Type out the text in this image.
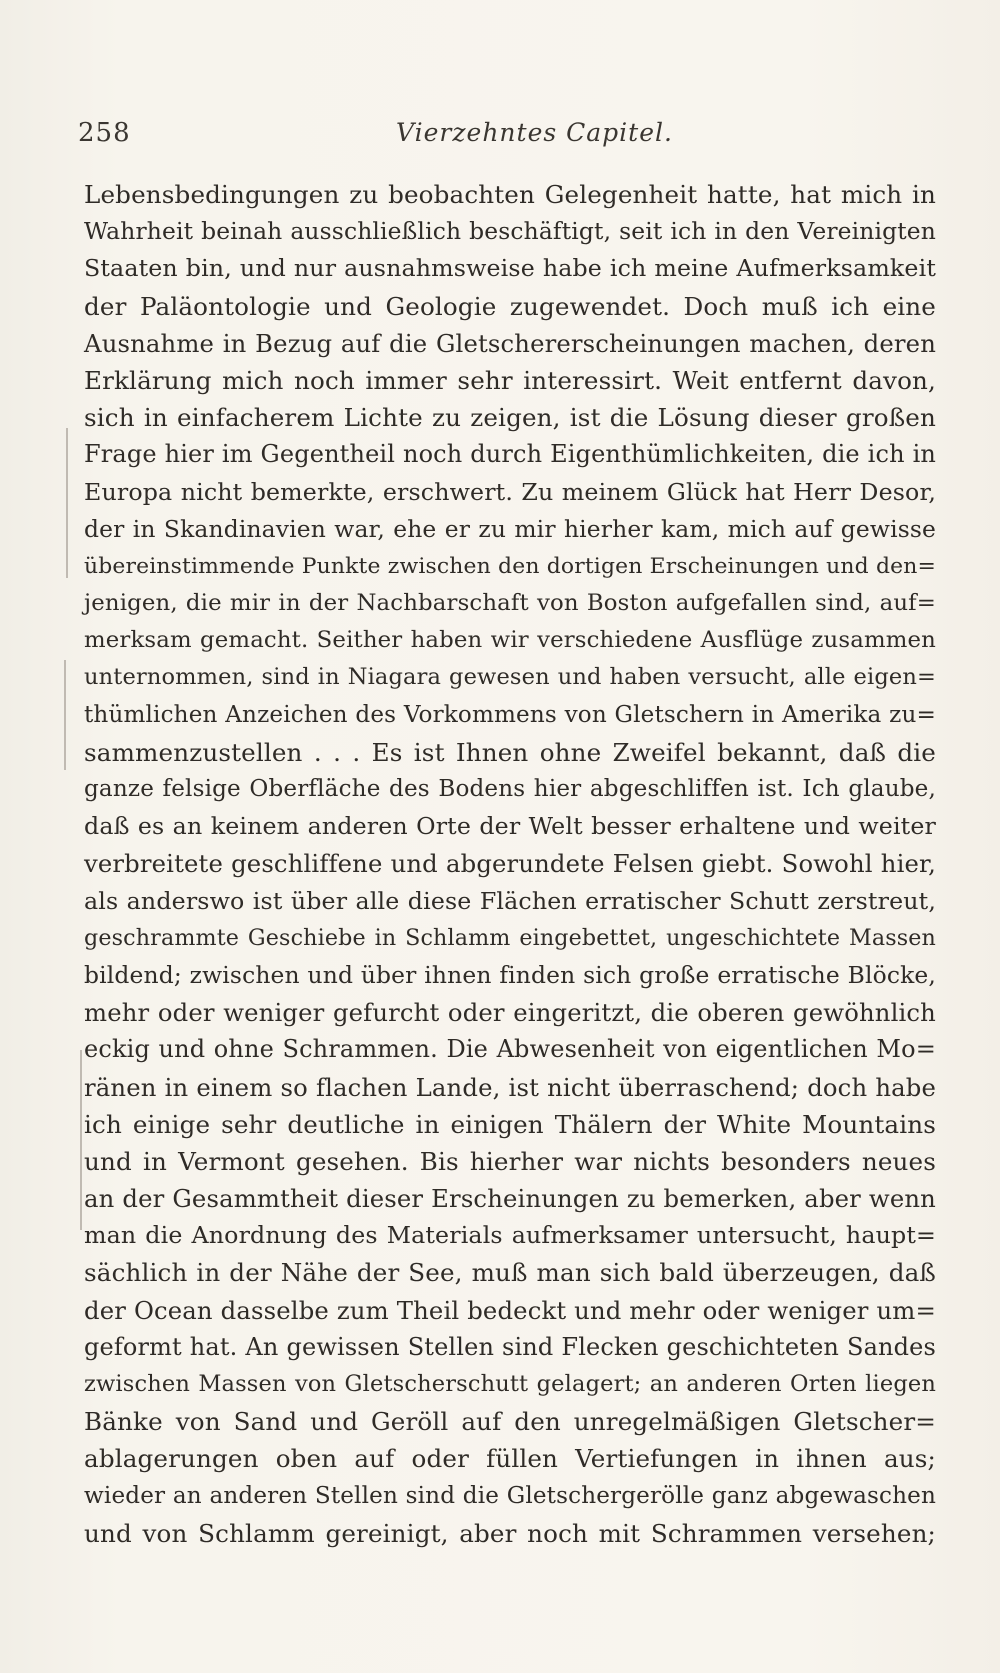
258	Vierzehntes Capitel.
Lebensbedingungen zu beobachten Gelegenheit hatte, hat mich in
Wahrheit beinah ausschließlich beschäftigt, seit ich in den Vereinigten
Staaten bin, und nur ausnahmsweise habe ich meine Aufmerksamkeit
der Paläontologie und Geologie zugewendet. Doch muß ich eine
Ausnahme in Bezug auf die Gletschererscheinungen machen, deren
Erklärung mich noch immer sehr interessirt. Weit entfernt davon,
sich in einfacherem Lichte zu zeigen, ist die Lösung dieser großen
Frage hier im Gegentheil noch durch Eigenthümlichkeiten, die ich in
Europa nicht bemerkte, erschwert. Zu meinem Glück hat Herr Desor,
der in Skandinavien war, ehe er zu mir hierher kam, mich auf gewisse
übereinstimmende Punkte zwischen den dortigen Erscheinungen und den=
jenigen, die mir in der Nachbarschaft von Boston aufgefallen sind, auf=
merksam gemacht. Seither haben wir verschiedene Ausflüge zusammen
unternommen, sind in Niagara gewesen und haben versucht, alle eigen=
thümlichen Anzeichen des Vorkommens von Gletschern in Amerika zu=
sammenzustellen . . . Es ist Ihnen ohne Zweifel bekannt, daß die
ganze felsige Oberfläche des Bodens hier abgeschliffen ist. Ich glaube,
daß es an keinem anderen Orte der Welt besser erhaltene und weiter
verbreitete geschliffene und abgerundete Felsen giebt. Sowohl hier,
als anderswo ist über alle diese Flächen erratischer Schutt zerstreut,
geschrammte Geschiebe in Schlamm eingebettet, ungeschichtete Massen
bildend; zwischen und über ihnen finden sich große erratische Blöcke,
mehr oder weniger gefurcht oder eingeritzt, die oberen gewöhnlich
eckig und ohne Schrammen. Die Abwesenheit von eigentlichen Mo=
ränen in einem so flachen Lande, ist nicht überraschend; doch habe
ich einige sehr deutliche in einigen Thälern der White Mountains
und in Vermont gesehen. Bis hierher war nichts besonders neues
an der Gesammtheit dieser Erscheinungen zu bemerken, aber wenn
man die Anordnung des Materials aufmerksamer untersucht, haupt=
sächlich in der Nähe der See, muß man sich bald überzeugen, daß
der Ocean dasselbe zum Theil bedeckt und mehr oder weniger um=
geformt hat. An gewissen Stellen sind Flecken geschichteten Sandes
zwischen Massen von Gletscherschutt gelagert; an anderen Orten liegen
Bänke von Sand und Geröll auf den unregelmäßigen Gletscher=
ablagerungen oben auf oder füllen Vertiefungen in ihnen aus;
wieder an anderen Stellen sind die Gletschergerölle ganz abgewaschen
und von Schlamm gereinigt, aber noch mit Schrammen versehen;
